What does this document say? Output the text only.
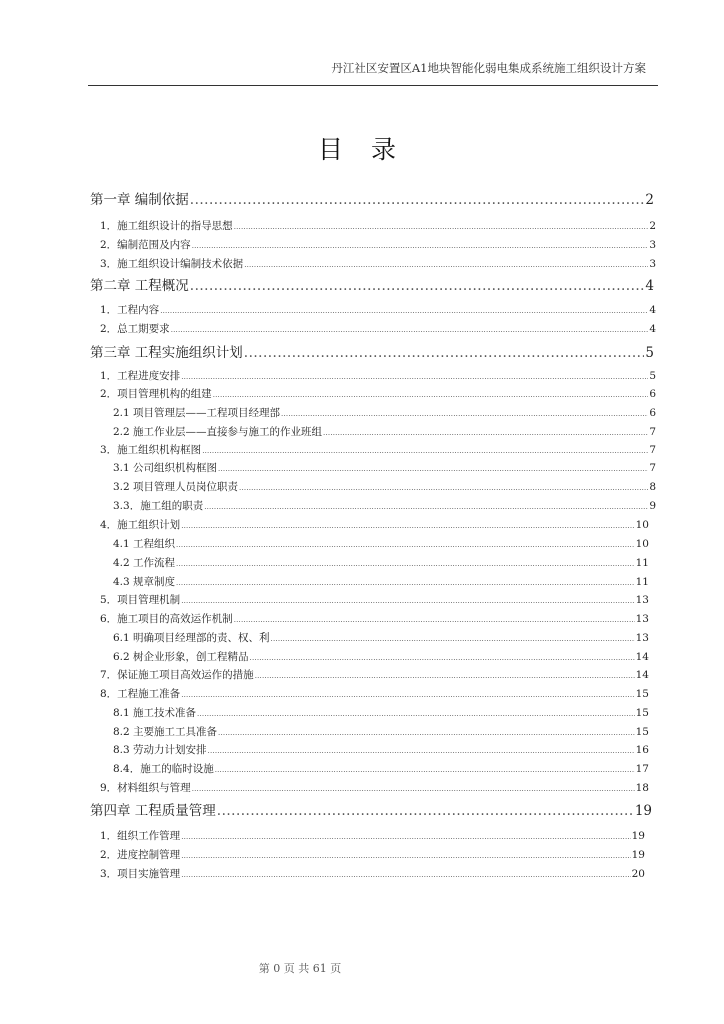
丹江社区安置区A1地块智能化弱电集成系统施工组织设计方案
目 录
第一章 编制依据 .....	2
1．施工组织设计的指导思想 .....	2
2．编制范围及内容 .....	3
3．施工组织设计编制技术依据 .....	3
第二章 工程概况 .....	4
1．工程内容 .....	4
2．总工期要求 .....	4
第三章 工程实施组织计划 .....	5
1．工程进度安排 .....	5
2．项目管理机构的组建 .....	6
2.1 项目管理层——工程项目经理部 .....	6
2.2 施工作业层——直接参与施工的作业班组 .....	7
3．施工组织机构框图 .....	7
3.1 公司组织机构框图 .....	7
3.2 项目管理人员岗位职责 .....	8
3.3．施工组的职责 .....	9
4．施工组织计划 .....	10
4.1 工程组织 .....	10
4.2 工作流程 .....	11
4.3 规章制度 .....	11
5．项目管理机制 .....	13
6．施工项目的高效运作机制 .....	13
6.1 明确项目经理部的责、权、利 .....	13
6.2 树企业形象，创工程精品 .....	14
7．保证施工项目高效运作的措施 .....	14
8．工程施工准备 .....	15
8.1 施工技术准备 .....	15
8.2 主要施工工具准备 .....	15
8.3 劳动力计划安排 .....	16
8.4．施工的临时设施 .....	17
9．材料组织与管理 .....	18
第四章 工程质量管理 .....	19
1．组织工作管理 .....	19
2．进度控制管理 .....	19
3．项目实施管理 .....	20
第 0 页 共 61 页
